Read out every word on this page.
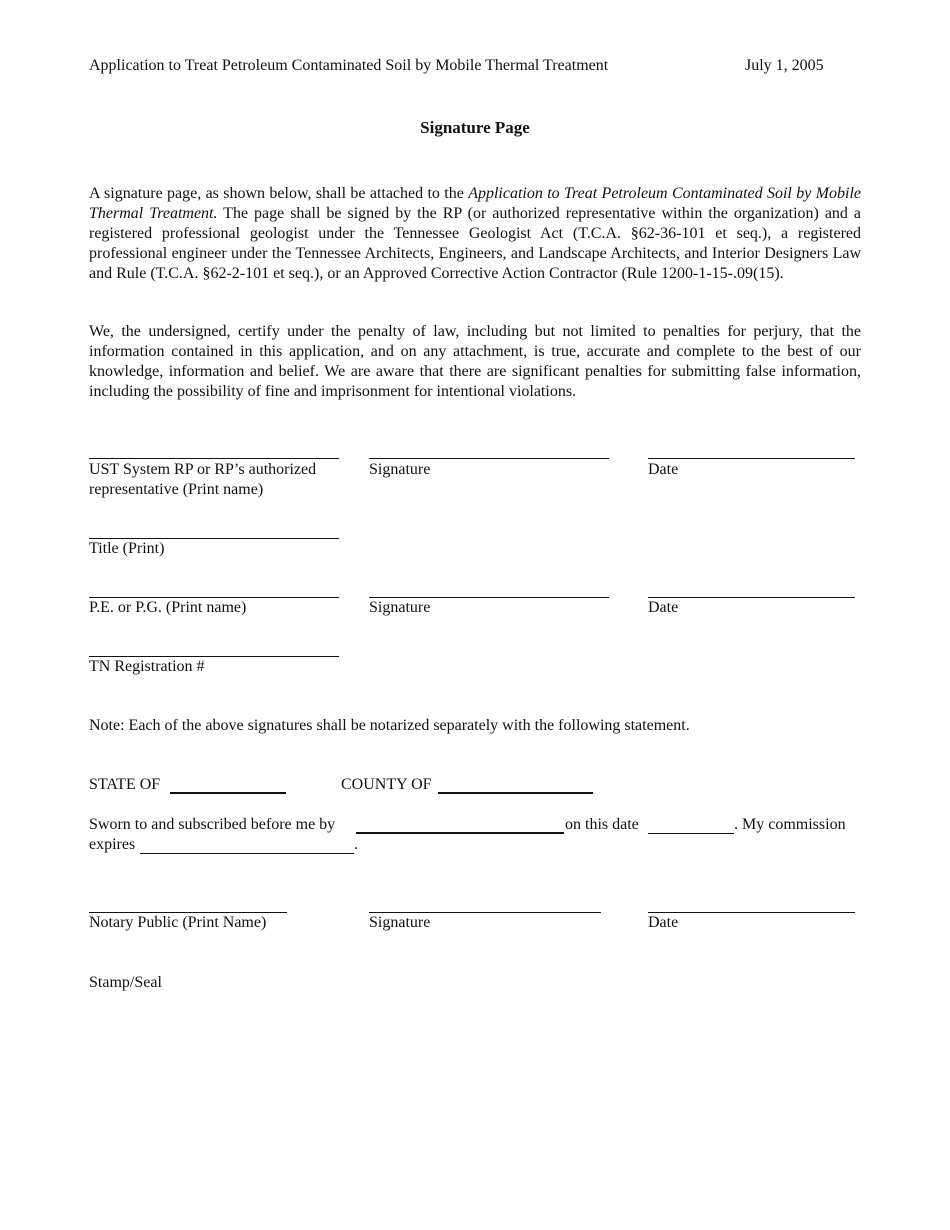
Application to Treat Petroleum Contaminated Soil by Mobile Thermal Treatment	July 1, 2005
Signature Page
A signature page, as shown below, shall be attached to the Application to Treat Petroleum Contaminated Soil by Mobile Thermal Treatment. The page shall be signed by the RP (or authorized representative within the organization) and a registered professional geologist under the Tennessee Geologist Act (T.C.A. §62-36-101 et seq.), a registered professional engineer under the Tennessee Architects, Engineers, and Landscape Architects, and Interior Designers Law and Rule (T.C.A. §62-2-101 et seq.), or an Approved Corrective Action Contractor (Rule 1200-1-15-.09(15).
We, the undersigned, certify under the penalty of law, including but not limited to penalties for perjury, that the information contained in this application, and on any attachment, is true, accurate and complete to the best of our knowledge, information and belief. We are aware that there are significant penalties for submitting false information, including the possibility of fine and imprisonment for intentional violations.
UST System RP or RP’s authorized
representative (Print name)
Signature	Date
Title (Print)
P.E. or P.G. (Print name)	Signature	Date
TN Registration #
Note: Each of the above signatures shall be notarized separately with the following statement.
STATE OF	COUNTY OF
Sworn to and subscribed before me by	on this date	. My commission
expires	.
Notary Public (Print Name)	Signature	Date
Stamp/Seal
